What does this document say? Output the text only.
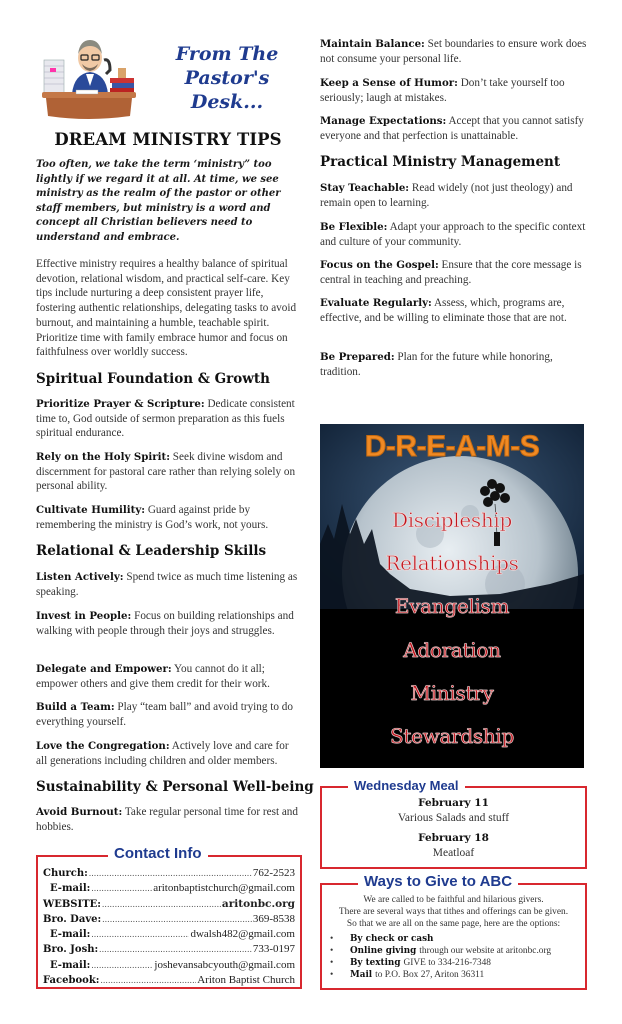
From The
Pastor's
Desk...
DREAM MINISTRY TIPS
Too often, we take the term ‘ministry” too lightly if we regard it at all. At time, we see ministry as the realm of the pastor or other staff members, but ministry is a word and concept all Christian believers need to understand and embrace.
Effective ministry requires a healthy balance of spiritual devotion, relational wisdom, and practical self-care. Key tips include nurturing a deep consistent prayer life, fostering authentic relationships, delegating tasks to avoid burnout, and maintaining a humble, teachable spirit. Prioritize time with family embrace humor and focus on faithfulness over worldly success.
Spiritual Foundation & Growth
Prioritize Prayer & Scripture: Dedicate consistent time to, God outside of sermon preparation as this fuels spiritual endurance.
Rely on the Holy Spirit: Seek divine wisdom and discernment for pastoral care rather than relying solely on personal ability.
Cultivate Humility: Guard against pride by remembering the ministry is God’s work, not yours.
Relational & Leadership Skills
Listen Actively: Spend twice as much time listening as speaking.
Invest in People: Focus on building relationships and walking with people through their joys and struggles.
Delegate and Empower: You cannot do it all; empower others and give them credit for their work.
Build a Team: Play “team ball” and avoid trying to do everything yourself.
Love the Congregation: Actively love and care for all generations including children and older members.
Sustainability & Personal Well-being
Avoid Burnout: Take regular personal time for rest and hobbies.
Maintain Balance: Set boundaries to ensure work does not consume your personal life.
Keep a Sense of Humor: Don’t take yourself too seriously; laugh at mistakes.
Manage Expectations: Accept that you cannot satisfy everyone and that perfection is unattainable.
Practical Ministry Management
Stay Teachable: Read widely (not just theology) and remain open to learning.
Be Flexible: Adapt your approach to the specific context and culture of your community.
Focus on the Gospel: Ensure that the core message is central in teaching and preaching.
Evaluate Regularly: Assess, which, programs are, effective, and be willing to eliminate those that are not.
Be Prepared: Plan for the future while honoring, tradition.
D-R-E-A-M-S
Discipleship
Relationships
Evangelism
Adoration
Ministry
Stewardship
Contact Info
Church: .....	762-2523
E-mail: .....	aritonbaptistchurch@gmail.com
WEBSITE: .....	aritonbc.org
Bro. Dave: .....	369-8538
E-mail: .....	dwalsh482@gmail.com
Bro. Josh: .....	733-0197
E-mail: .....	joshevansabcyouth@gmail.com
Facebook: .....	Ariton Baptist Church
Wednesday Meal
February 11
Various Salads and stuff
February 18
Meatloaf
Ways to Give to ABC
We are called to be faithful and hilarious givers.
There are several ways that tithes and offerings can be given.
So that we are all on the same page, here are the options:
•	By check or cash
•	Online giving through our website at aritonbc.org
•	By texting GIVE to 334-216-7348
•	Mail to P.O. Box 27, Ariton 36311
